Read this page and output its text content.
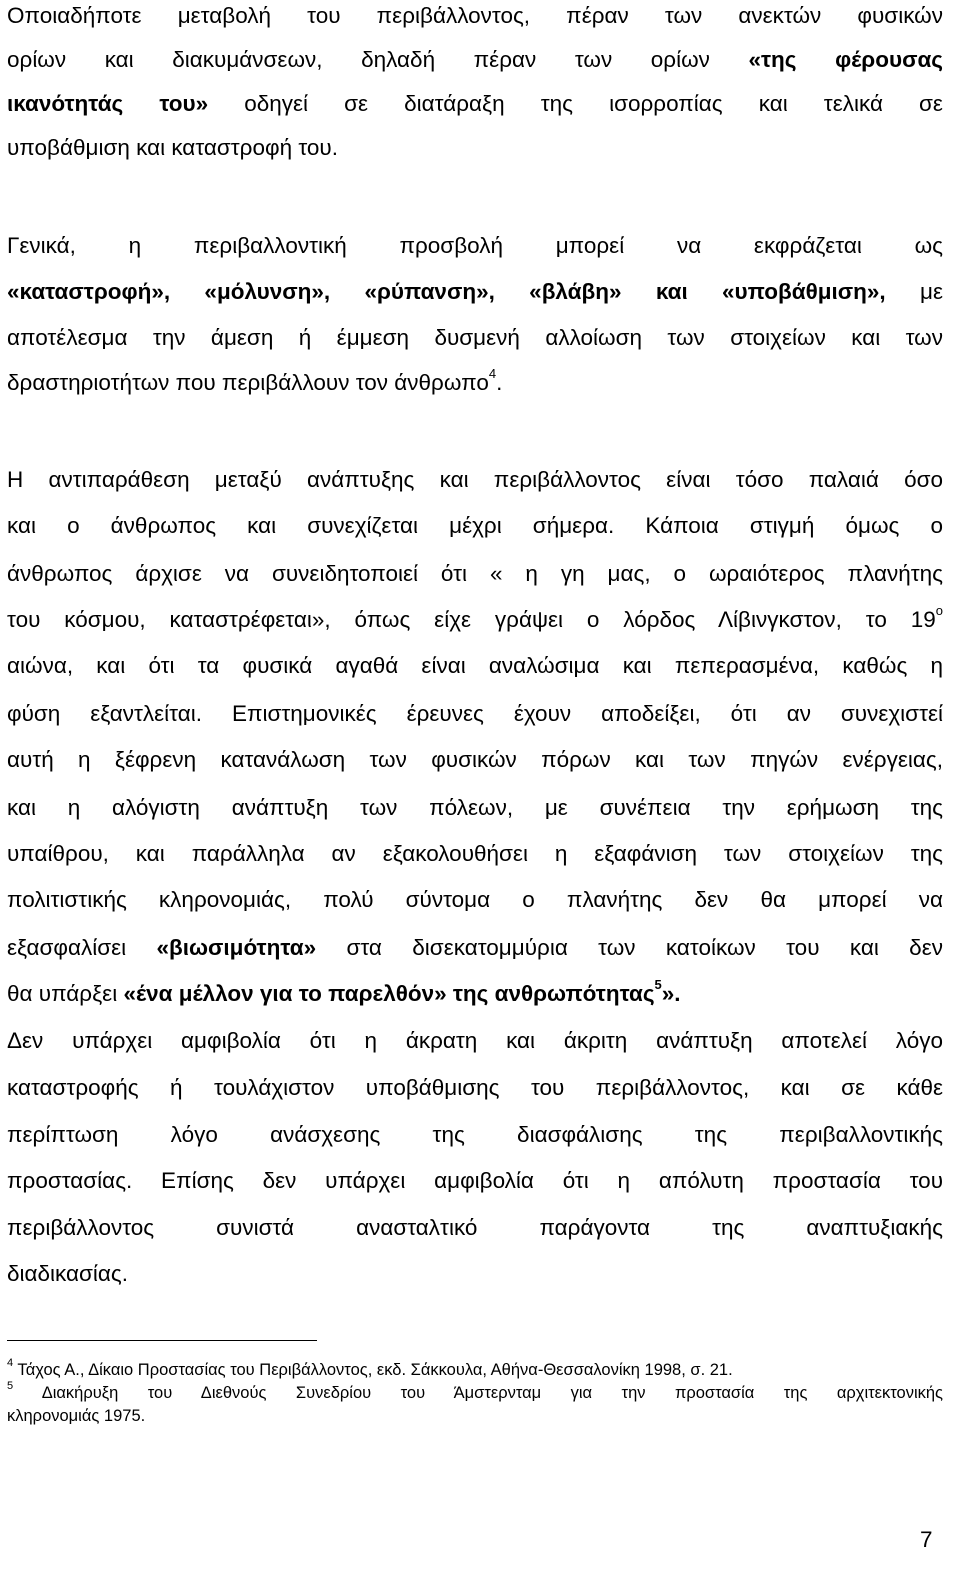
Οποιαδήποτε μεταβολή του περιβάλλοντος, πέραν των ανεκτών φυσικών
ορίων και διακυμάνσεων, δηλαδή πέραν των ορίων «της φέρουσας
ικανότητάς του» οδηγεί σε διατάραξη της ισορροπίας και τελικά σε
υποβάθμιση και καταστροφή του.
Γενικά, η περιβαλλοντική προσβολή μπορεί να εκφράζεται ως
«καταστροφή», «μόλυνση», «ρύπανση», «βλάβη» και «υποβάθμιση», με
αποτέλεσμα την άμεση ή έμμεση δυσμενή αλλοίωση των στοιχείων και των
δραστηριοτήτων που περιβάλλουν τον άνθρωπο$^4$.
Η αντιπαράθεση μεταξύ ανάπτυξης και περιβάλλοντος είναι τόσο παλαιά όσο
και ο άνθρωπος και συνεχίζεται μέχρι σήμερα. Κάποια στιγμή όμως ο
άνθρωπος άρχισε να συνειδητοποιεί ότι « η γη μας, ο ωραιότερος πλανήτης
του κόσμου, καταστρέφεται», όπως είχε γράψει ο λόρδος Λίβινγκστον, το $19^o$
αιώνα, και ότι τα φυσικά αγαθά είναι αναλώσιμα και πεπερασμένα, καθώς η
φύση εξαντλείται. Επιστημονικές έρευνες έχουν αποδείξει, ότι αν συνεχιστεί
αυτή η ξέφρενη κατανάλωση των φυσικών πόρων και των πηγών ενέργειας,
και η αλόγιστη ανάπτυξη των πόλεων, με συνέπεια την ερήμωση της
υπαίθρου, και παράλληλα αν εξακολουθήσει η εξαφάνιση των στοιχείων της
πολιτιστικής κληρονομιάς, πολύ σύντομα ο πλανήτης δεν θα μπορεί να
εξασφαλίσει «βιωσιμότητα» στα δισεκατομμύρια των κατοίκων του και δεν
θα υπάρξει «ένα μέλλον για το παρελθόν» της ανθρωπότητας$^5$».
Δεν υπάρχει αμφιβολία ότι η άκρατη και άκριτη ανάπτυξη αποτελεί λόγο
καταστροφής ή τουλάχιστον υποβάθμισης του περιβάλλοντος, και σε κάθε
περίπτωση λόγο ανάσχεσης της διασφάλισης της περιβαλλοντικής
προστασίας. Επίσης δεν υπάρχει αμφιβολία ότι η απόλυτη προστασία του
περιβάλλοντος συνιστά ανασταλτικό παράγοντα της αναπτυξιακής
διαδικασίας.
$^4$ Τάχος Α., Δίκαιο Προστασίας του Περιβάλλοντος, εκδ. Σάκκουλα, Αθήνα-Θεσσαλονίκη 1998, σ. 21.
$^5$ Διακήρυξη του Διεθνούς Συνεδρίου του Άμστερνταμ για την προστασία της αρχιτεκτονικής
κληρονομιάς 1975.
7
